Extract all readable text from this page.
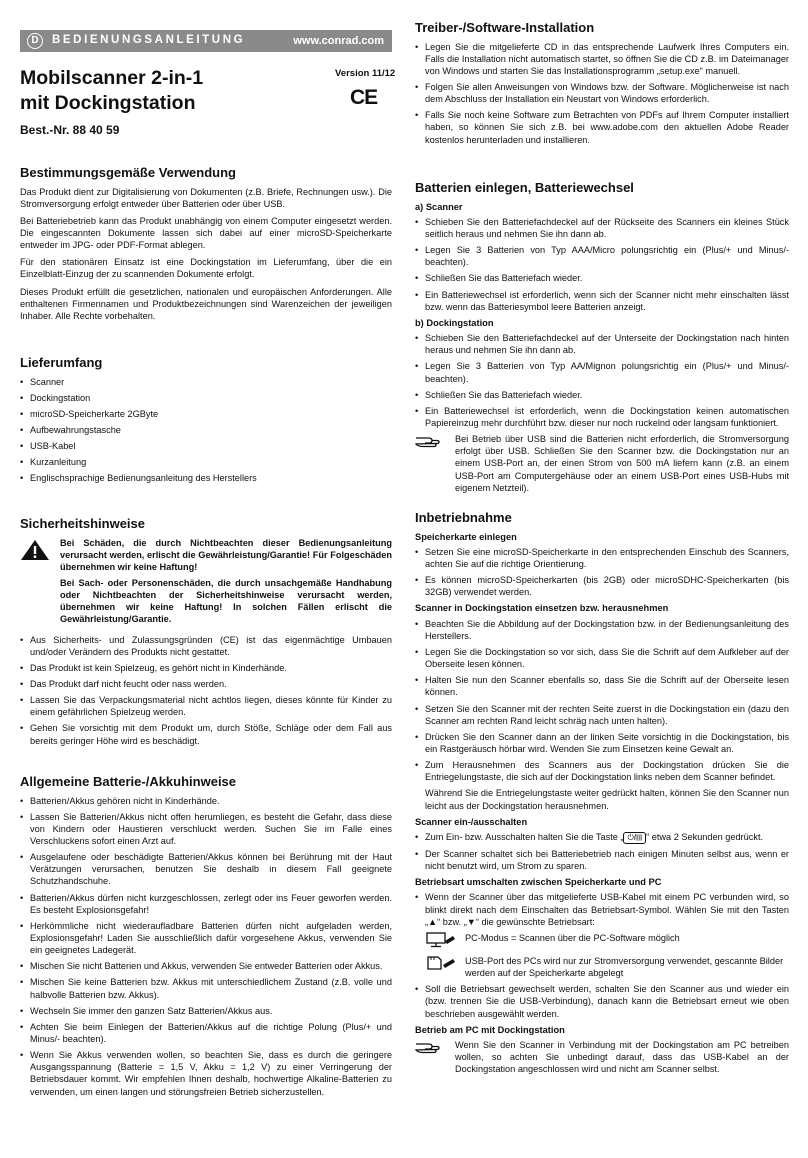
D	BEDIENUNGSANLEITUNG	www.conrad.com
Mobilscanner 2-in-1
mit Dockingstation
Version 11/12
CE
Best.-Nr. 88 40 59
Bestimmungsgemäße Verwendung

Das Produkt dient zur Digitalisierung von Dokumenten (z.B. Briefe, Rechnungen usw.). Die Stromversorgung erfolgt entweder über Batterien oder über USB.

Bei Batteriebetrieb kann das Produkt unabhängig von einem Computer eingesetzt werden. Die eingescannten Dokumente lassen sich dabei auf einer microSD-Speicherkarte entweder im JPG- oder PDF-Format ablegen.

Für den stationären Einsatz ist eine Dockingstation im Lieferumfang, über die ein Einzelblatt-Einzug der zu scannenden Dokumente erfolgt.

Dieses Produkt erfüllt die gesetzlichen, nationalen und europäischen Anforderungen. Alle enthaltenen Firmennamen und Produktbezeichnungen sind Warenzeichen der jeweiligen Inhaber. Alle Rechte vorbehalten.

Lieferumfang
• Scanner
• Dockingstation
• microSD-Speicherkarte 2GByte
• Aufbewahrungstasche
• USB-Kabel
• Kurzanleitung
• Englischsprachige Bedienungsanleitung des Herstellers
Sicherheitshinweise

Bei Schäden, die durch Nichtbeachten dieser Bedienungsanleitung verursacht werden, erlischt die Gewährleistung/Garantie! Für Folgeschäden übernehmen wir keine Haftung!

Bei Sach- oder Personenschäden, die durch unsachgemäße Handhabung oder Nichtbeachten der Sicherheitshinweise verursacht werden, übernehmen wir keine Haftung! In solchen Fällen erlischt die Gewährleistung/Garantie.

• Aus Sicherheits- und Zulassungsgründen (CE) ist das eigenmächtige Umbauen und/oder Verändern des Produkts nicht gestattet.
• Das Produkt ist kein Spielzeug, es gehört nicht in Kinderhände.
• Das Produkt darf nicht feucht oder nass werden.
• Lassen Sie das Verpackungsmaterial nicht achtlos liegen, dieses könnte für Kinder zu einem gefährlichen Spielzeug werden.
• Gehen Sie vorsichtig mit dem Produkt um, durch Stöße, Schläge oder dem Fall aus bereits geringer Höhe wird es beschädigt.
Allgemeine Batterie-/Akkuhinweise
• Batterien/Akkus gehören nicht in Kinderhände.
• Lassen Sie Batterien/Akkus nicht offen herumliegen, es besteht die Gefahr, dass diese von Kindern oder Haustieren verschluckt werden. Suchen Sie im Falle eines Verschluckens sofort einen Arzt auf.
• Ausgelaufene oder beschädigte Batterien/Akkus können bei Berührung mit der Haut Verätzungen verursachen, benutzen Sie deshalb in diesem Fall geeignete Schutzhandschuhe.
• Batterien/Akkus dürfen nicht kurzgeschlossen, zerlegt oder ins Feuer geworfen werden. Es besteht Explosionsgefahr!
• Herkömmliche nicht wiederaufladbare Batterien dürfen nicht aufgeladen werden, Explosionsgefahr! Laden Sie ausschließlich dafür vorgesehene Akkus, verwenden Sie ein geeignetes Ladegerät.
• Mischen Sie nicht Batterien und Akkus, verwenden Sie entweder Batterien oder Akkus.
• Mischen Sie keine Batterien bzw. Akkus mit unterschiedlichem Zustand (z.B. volle und halbvolle Batterien bzw. Akkus).
• Wechseln Sie immer den ganzen Satz Batterien/Akkus aus.
• Achten Sie beim Einlegen der Batterien/Akkus auf die richtige Polung (Plus/+ und Minus/- beachten).
• Wenn Sie Akkus verwenden wollen, so beachten Sie, dass es durch die geringere Ausgangsspannung (Batterie = 1,5 V, Akku = 1,2 V) zu einer Verringerung der Betriebsdauer kommt. Wir empfehlen Ihnen deshalb, hochwertige Alkaline-Batterien zu verwenden, um einen langen und störungsfreien Betrieb sicherzustellen.
Treiber-/Software-Installation
• Legen Sie die mitgelieferte CD in das entsprechende Laufwerk Ihres Computers ein. Falls die Installation nicht automatisch startet, so öffnen Sie die CD z.B. im Dateimanager von Windows und starten Sie das Installationsprogramm „setup.exe“ manuell.
• Folgen Sie allen Anweisungen von Windows bzw. der Software. Möglicherweise ist nach dem Abschluss der Installation ein Neustart von Windows erforderlich.
• Falls Sie noch keine Software zum Betrachten von PDFs auf Ihrem Computer installiert haben, so können Sie sich z.B. bei www.adobe.com den aktuellen Adobe Reader kostenlos herunterladen und installieren.
Batterien einlegen, Batteriewechsel
a) Scanner
• Schieben Sie den Batteriefachdeckel auf der Rückseite des Scanners ein kleines Stück seitlich heraus und nehmen Sie ihn dann ab.
• Legen Sie 3 Batterien von Typ AAA/Micro polungsrichtig ein (Plus/+ und Minus/- beachten).
• Schließen Sie das Batteriefach wieder.
• Ein Batteriewechsel ist erforderlich, wenn sich der Scanner nicht mehr einschalten lässt bzw. wenn das Batteriesymbol leere Batterien anzeigt.
b) Dockingstation
• Schieben Sie den Batteriefachdeckel auf der Unterseite der Dockingstation nach hinten heraus und nehmen Sie ihn dann ab.
• Legen Sie 3 Batterien von Typ AA/Mignon polungsrichtig ein (Plus/+ und Minus/- beachten).
• Schließen Sie das Batteriefach wieder.
• Ein Batteriewechsel ist erforderlich, wenn die Dockingstation keinen automatischen Papiereinzug mehr durchführt bzw. dieser nur noch ruckelnd oder langsam funktioniert.
Bei Betrieb über USB sind die Batterien nicht erforderlich, die Stromversorgung erfolgt über USB. Schließen Sie den Scanner bzw. die Dockingstation nur an einem USB-Port an, der einen Strom von 500 mA liefern kann (z.B. an einem USB-Port am Computergehäuse oder an einem USB-Port eines USB-Hubs mit eigenem Netzteil).
Inbetriebnahme
Speicherkarte einlegen
• Setzen Sie eine microSD-Speicherkarte in den entsprechenden Einschub des Scanners, achten Sie auf die richtige Orientierung.
• Es können microSD-Speicherkarten (bis 2GB) oder microSDHC-Speicherkarten (bis 32GB) verwendet werden.
Scanner in Dockingstation einsetzen bzw. herausnehmen
• Beachten Sie die Abbildung auf der Dockingstation bzw. in der Bedienungsanleitung des Herstellers.
• Legen Sie die Dockingstation so vor sich, dass Sie die Schrift auf dem Aufkleber auf der Oberseite lesen können.
• Halten Sie nun den Scanner ebenfalls so, dass Sie die Schrift auf der Oberseite lesen können.
• Setzen Sie den Scanner mit der rechten Seite zuerst in die Dockingstation ein (dazu den Scanner am rechten Rand leicht schräg nach unten halten).
• Drücken Sie den Scanner dann an der linken Seite vorsichtig in die Dockingstation, bis ein Rastgeräusch hörbar wird. Wenden Sie zum Einsetzen keine Gewalt an.
• Zum Herausnehmen des Scanners aus der Dockingstation drücken Sie die Entriegelungstaste, die sich auf der Dockingstation links neben dem Scanner befindet.
Während Sie die Entriegelungstaste weiter gedrückt halten, können Sie den Scanner nun leicht aus der Dockingstation herausnehmen.
Scanner ein-/ausschalten
• Zum Ein- bzw. Ausschalten halten Sie die Taste „ ⏻/▥ “ etwa 2 Sekunden gedrückt.
• Der Scanner schaltet sich bei Batteriebetrieb nach einigen Minuten selbst aus, wenn er nicht benutzt wird, um Strom zu sparen.
Betriebsart umschalten zwischen Speicherkarte und PC
• Wenn der Scanner über das mitgelieferte USB-Kabel mit einem PC verbunden wird, so blinkt direkt nach dem Einschalten das Betriebsart-Symbol. Wählen Sie mit den Tasten „▲“ bzw. „▼“ die gewünschte Betriebsart:
PC-Modus = Scannen über die PC-Software möglich
USB-Port des PCs wird nur zur Stromversorgung verwendet, gescannte Bilder werden auf der Speicherkarte abgelegt
• Soll die Betriebsart gewechselt werden, schalten Sie den Scanner aus und wieder ein (bzw. trennen Sie die USB-Verbindung), danach kann die Betriebsart erneut wie oben beschrieben ausgewählt werden.
Betrieb am PC mit Dockingstation
Wenn Sie den Scanner in Verbindung mit der Dockingstation am PC betreiben wollen, so achten Sie unbedingt darauf, dass das USB-Kabel an der Dockingstation angeschlossen wird und nicht am Scanner selbst.
